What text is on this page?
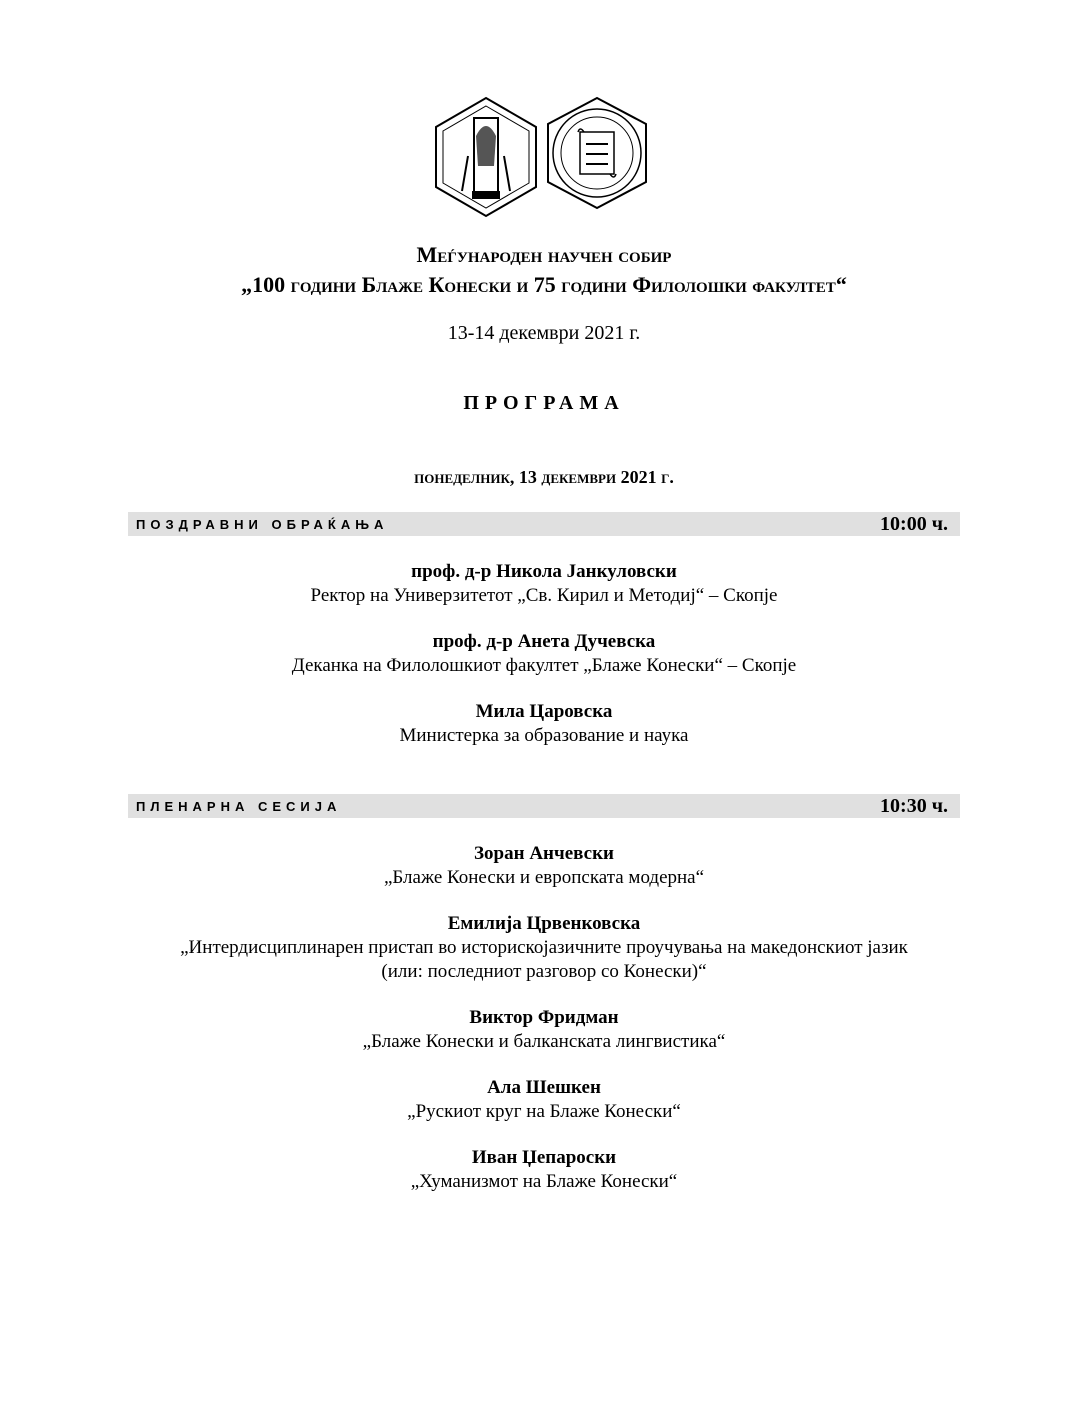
Меѓународен научен собир
„100 години Блаже Конески и 75 години Филолошки факултет“
13-14 декември 2021 г.
ПРОГРАМА
понеделник, 13 декември 2021 г.
ПОЗДРАВНИ ОБРАЌАЊА	10:00 ч.
проф. д-р Никола Јанкуловски
Ректор на Универзитетот „Св. Кирил и Методиј“ – Скопје
проф. д-р Анета Дучевска
Деканка на Филолошкиот факултет „Блаже Конески“ – Скопје
Мила Царовска
Министерка за образование и наука
ПЛЕНАРНА СЕСИЈА	10:30 ч.
Зоран Анчевски
„Блаже Конески и европската модерна“
Емилија Црвенковска
„Интердисциплинарен пристап во историскојазичните проучувања на македонскиот јазик
(или: последниот разговор со Конески)“
Виктор Фридман
„Блаже Конески и балканската лингвистика“
Ала Шешкен
„Рускиот круг на Блаже Конески“
Иван Џепароски
„Хуманизмот на Блаже Конески“
